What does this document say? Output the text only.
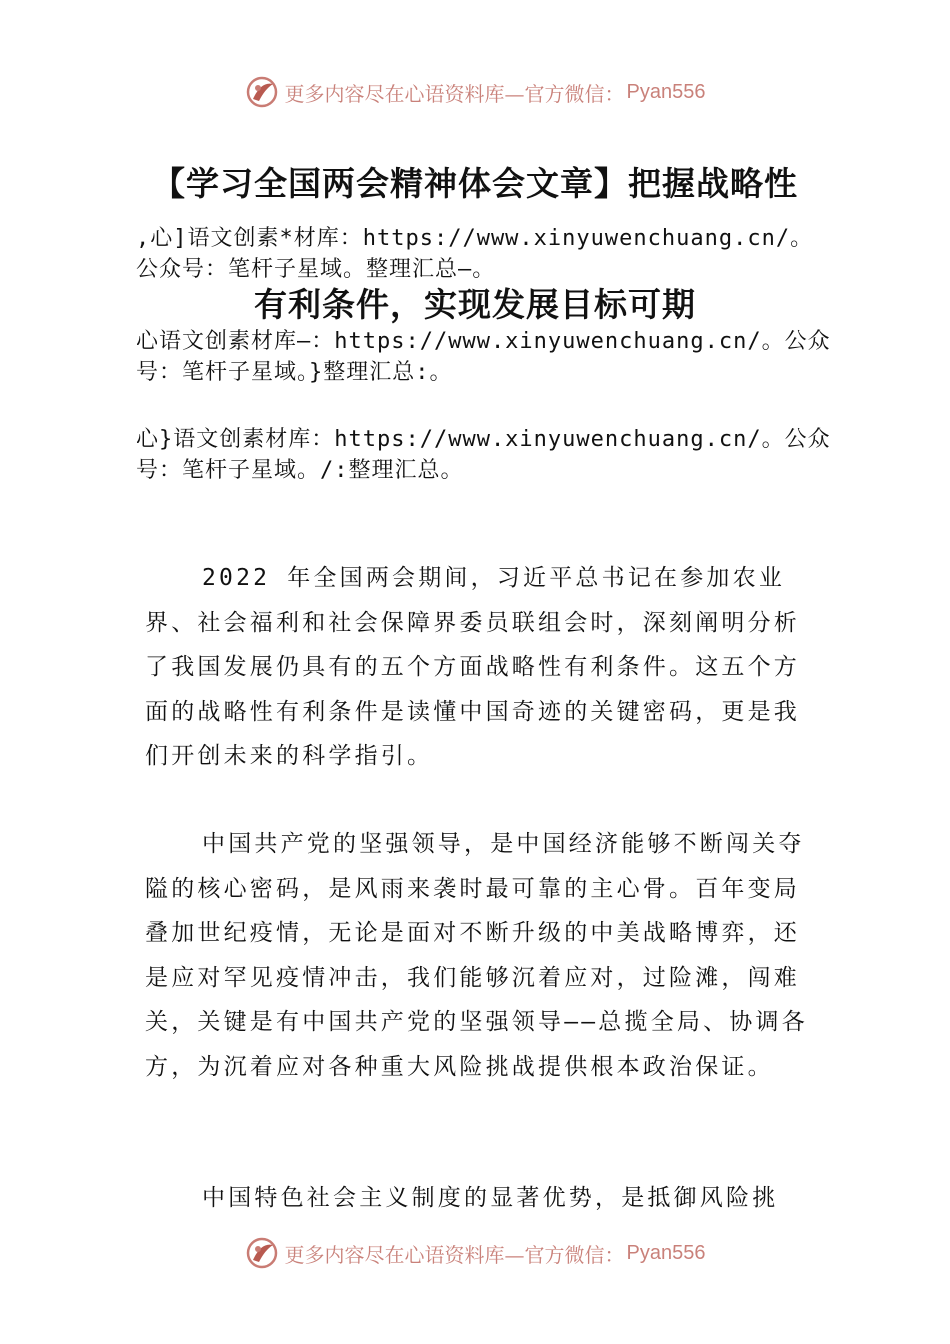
更多内容尽在心语资料库—官方微信： Pyan556
【学习全国两会精神体会文章】把握战略性
,心]语文创素*材库：https://www.xinyuwenchuang.cn/。公众号：笔杆子星域。整理汇总—。
有利条件，实现发展目标可期
心语文创素材库—：https://www.xinyuwenchuang.cn/。公众号：笔杆子星域。}整理汇总:。
心}语文创素材库：https://www.xinyuwenchuang.cn/。公众号：笔杆子星域。/:整理汇总。

2022 年全国两会期间，习近平总书记在参加农业界、社会福利和社会保障界委员联组会时，深刻阐明分析了我国发展仍具有的五个方面战略性有利条件。这五个方面的战略性有利条件是读懂中国奇迹的关键密码，更是我们开创未来的科学指引。

中国共产党的坚强领导，是中国经济能够不断闯关夺隘的核心密码，是风雨来袭时最可靠的主心骨。百年变局叠加世纪疫情，无论是面对不断升级的中美战略博弈，还是应对罕见疫情冲击，我们能够沉着应对，过险滩，闯难关，关键是有中国共产党的坚强领导——总揽全局、协调各方，为沉着应对各种重大风险挑战提供根本政治保证。

中国特色社会主义制度的显著优势，是抵御风险挑

更多内容尽在心语资料库—官方微信： Pyan556
